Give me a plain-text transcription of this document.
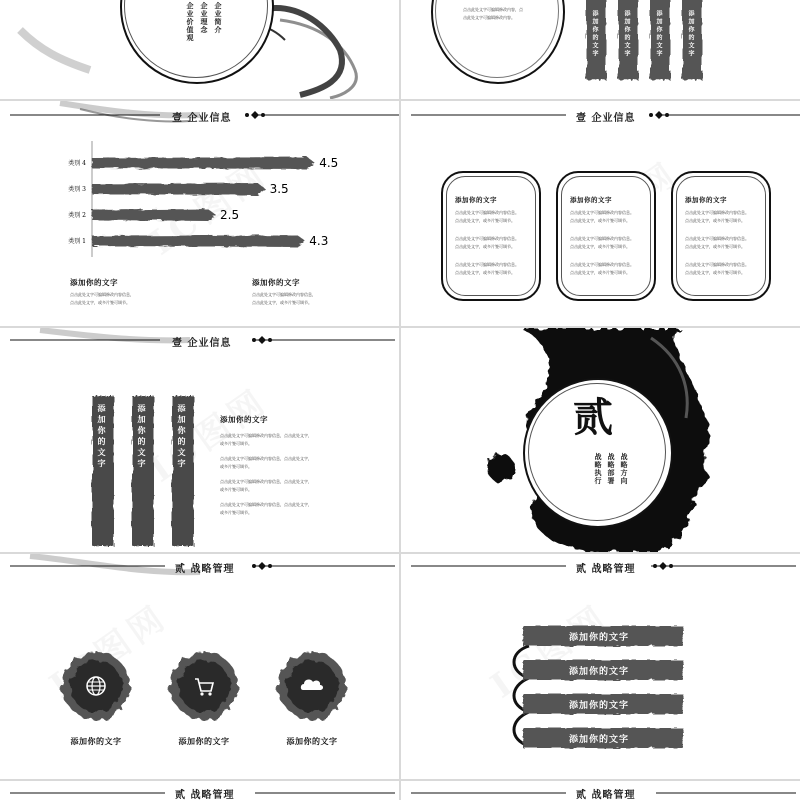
企业简介
企业理念
企业价值观	点击此处文字可编辑修改内容，点
击此处文字可编辑修改内容。	添加你的文字	添加你的文字	添加你的文字	添加你的文字
壹 企业信息
类别 4	4.5
类别 3	3.5
类别 2	2.5
类别 1	4.3
添加你的文字
点击此处文字可编辑修改内容信息，
点击此处文字，或多片签可调节。
添加你的文字
点击此处文字可编辑修改内容信息，
点击此处文字，或多片签可调节。
壹 企业信息
添加你的文字
点击此处文字可编辑修改内容信息。
点击此处文字，或多片签可调节。
点击此处文字可编辑修改内容信息。
点击此处文字，或多片签可调节。
点击此处文字可编辑修改内容信息。
点击此处文字，或多片签可调节。
添加你的文字
点击此处文字可编辑修改内容信息。
点击此处文字，或多片签可调节。
点击此处文字可编辑修改内容信息。
点击此处文字，或多片签可调节。
点击此处文字可编辑修改内容信息。
点击此处文字，或多片签可调节。
添加你的文字
点击此处文字可编辑修改内容信息。
点击此处文字，或多片签可调节。
点击此处文字可编辑修改内容信息。
点击此处文字，或多片签可调节。
点击此处文字可编辑修改内容信息。
点击此处文字，或多片签可调节。
壹 企业信息
添加你的文字	添加你的文字	添加你的文字	添加你的文字
点击此处文字可编辑修改内容信息，点击此处文字，
或多片签可调节。
点击此处文字可编辑修改内容信息，点击此处文字，
或多片签可调节。
点击此处文字可编辑修改内容信息，点击此处文字，
或多片签可调节。
点击此处文字可编辑修改内容信息，点击此处文字，
或多片签可调节。
贰
战略方向
战略部署
战略执行
贰 战略管理
添加你的文字	添加你的文字	添加你的文字
贰 战略管理
添加你的文字
添加你的文字
添加你的文字
添加你的文字
贰 战略管理	贰 战略管理
